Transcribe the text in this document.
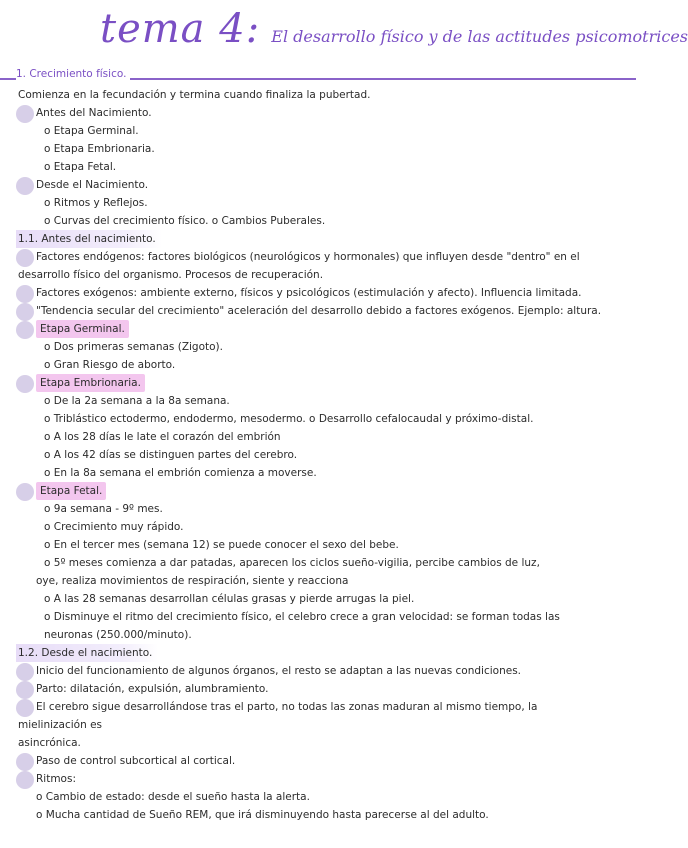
tema 4: El desarrollo físico y de las actitudes psicomotrices
1. Crecimiento físico.
Comienza en la fecundación y termina cuando finaliza la pubertad.
Antes del Nacimiento.
o Etapa Germinal.
o Etapa Embrionaria.
o Etapa Fetal.
Desde el Nacimiento.
o Ritmos y Reflejos.
o Curvas del crecimiento físico. o Cambios Puberales.
1.1. Antes del nacimiento.
Factores endógenos: factores biológicos (neurológicos y hormonales) que influyen desde "dentro" en el
desarrollo físico del organismo. Procesos de recuperación.
Factores exógenos: ambiente externo, físicos y psicológicos (estimulación y afecto). Influencia limitada.
"Tendencia secular del crecimiento" aceleración del desarrollo debido a factores exógenos. Ejemplo: altura.
Etapa Germinal.
o Dos primeras semanas (Zigoto).
o Gran Riesgo de aborto.
Etapa Embrionaria.
o De la 2a semana a la 8a semana.
o Triblástico ectodermo, endodermo, mesodermo. o Desarrollo cefalocaudal y próximo-distal.
o A los 28 días le late el corazón del embrión
o A los 42 días se distinguen partes del cerebro.
o En la 8a semana el embrión comienza a moverse.
Etapa Fetal.
o 9a semana - 9º mes.
o Crecimiento muy rápido.
o En el tercer mes (semana 12) se puede conocer el sexo del bebe.
o 5º meses comienza a dar patadas, aparecen los ciclos sueño-vigilia, percibe cambios de luz,
oye, realiza movimientos de respiración, siente y reacciona
o A las 28 semanas desarrollan células grasas y pierde arrugas la piel.
o Disminuye el ritmo del crecimiento físico, el celebro crece a gran velocidad: se forman todas las
neuronas (250.000/minuto).
1.2. Desde el nacimiento.
Inicio del funcionamiento de algunos órganos, el resto se adaptan a las nuevas condiciones.
Parto: dilatación, expulsión, alumbramiento.
El cerebro sigue desarrollándose tras el parto, no todas las zonas maduran al mismo tiempo, la
mielinización es
asincrónica.
Paso de control subcortical al cortical.
Ritmos:
o Cambio de estado: desde el sueño hasta la alerta.
o Mucha cantidad de Sueño REM, que irá disminuyendo hasta parecerse al del adulto.
